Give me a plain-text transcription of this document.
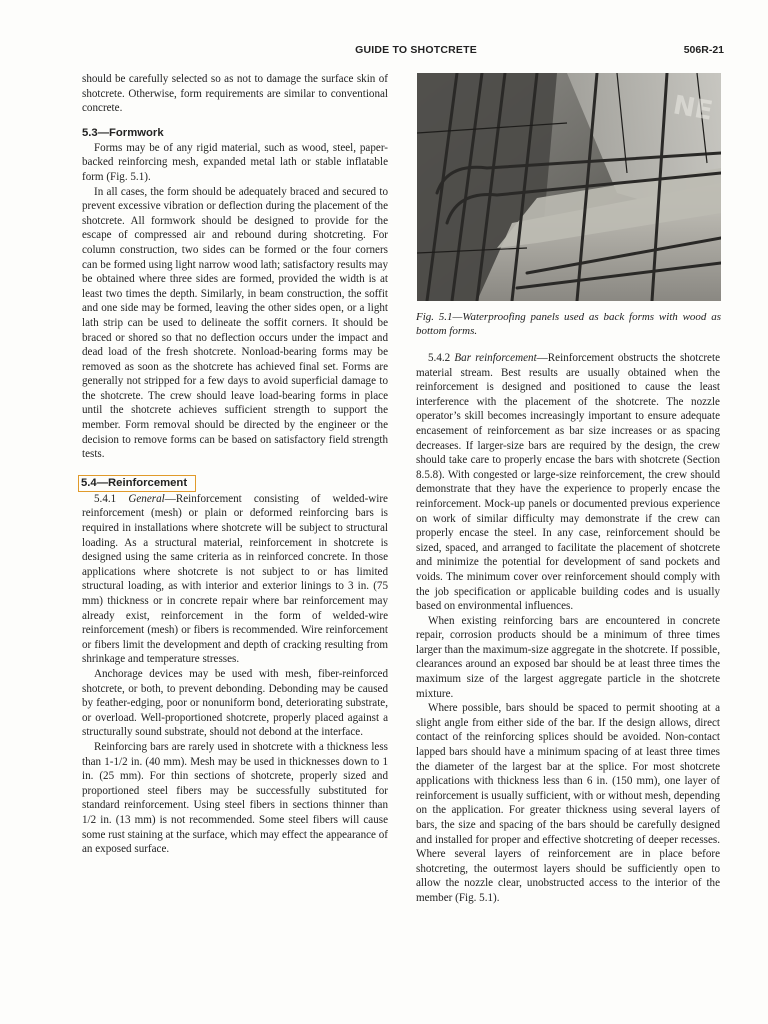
GUIDE TO SHOTCRETE	506R-21

should be carefully selected so as not to damage the surface skin of shotcrete. Otherwise, form requirements are similar to conventional concrete.

5.3—Formwork

Forms may be of any rigid material, such as wood, steel, paper-backed reinforcing mesh, expanded metal lath or stable inflatable form (Fig. 5.1).

In all cases, the form should be adequately braced and secured to prevent excessive vibration or deflection during the placement of the shotcrete. All formwork should be designed to provide for the escape of compressed air and rebound during shotcreting. For column construction, two sides can be formed or the four corners can be formed using light narrow wood lath; satisfactory results may be obtained where three sides are formed, provided the width is at least two times the depth. Similarly, in beam construction, the soffit and one side may be formed, leaving the other sides open, or a light lath strip can be used to delineate the soffit corners. It should be braced or shored so that no deflection occurs under the impact and dead load of the fresh shotcrete. Nonload-bearing forms may be removed as soon as the shotcrete has achieved final set. Forms are generally not stripped for a few days to avoid superficial damage to the shotcrete. The crew should leave load-bearing forms in place until the shotcrete achieves sufficient strength to support the member. Form removal should be directed by the engineer or the decision to remove forms can be based on satisfactory field strength tests.

5.4—Reinforcement

5.4.1 General—Reinforcement consisting of welded-wire reinforcement (mesh) or plain or deformed reinforcing bars is required in installations where shotcrete will be subject to structural loading. As a structural material, reinforcement in shotcrete is designed using the same criteria as in reinforced concrete. In those applications where shotcrete is not subject to or has limited structural loading, as with interior and exterior linings to 3 in. (75 mm) thickness or in concrete repair where bar reinforcement may already exist, reinforcement in the form of welded-wire reinforcement (mesh) or fibers is recommended. Wire reinforcement or fibers limit the development and depth of cracking resulting from shrinkage and temperature stresses.

Anchorage devices may be used with mesh, fiber-reinforced shotcrete, or both, to prevent debonding. Debonding may be caused by feather-edging, poor or nonuniform bond, deteriorating substrate, or overload. Well-proportioned shotcrete, properly placed against a structurally sound substrate, should not debond at the interface.

Reinforcing bars are rarely used in shotcrete with a thickness less than 1-1/2 in. (40 mm). Mesh may be used in thicknesses down to 1 in. (25 mm). For thin sections of shotcrete, properly sized and proportioned steel fibers may be successfully substituted for standard reinforcement. Using steel fibers in sections thinner than 1/2 in. (13 mm) is not recommended. Some steel fibers will cause some rust staining at the surface, which may effect the appearance of an exposed surface.

NE
Fig. 5.1—Waterproofing panels used as back forms with wood as bottom forms.

5.4.2 Bar reinforcement—Reinforcement obstructs the shotcrete material stream. Best results are usually obtained when the reinforcement is designed and positioned to cause the least interference with the placement of the shotcrete. The nozzle operator’s skill becomes increasingly important to ensure adequate encasement of reinforcement as bar size increases or as spacing decreases. If larger-size bars are required by the design, the crew should take care to properly encase the bars with shotcrete (Section 8.5.8). With congested or large-size reinforcement, the crew should demonstrate that they have the experience to properly encase the reinforcement. Mock-up panels or documented previous experience on work of similar difficulty may demonstrate if the crew can properly encase the steel. In any case, reinforcement should be sized, spaced, and arranged to facilitate the placement of shotcrete and minimize the potential for development of sand pockets and voids. The minimum cover over reinforcement should comply with the job specification or applicable building codes and is usually based on environmental influences.

When existing reinforcing bars are encountered in concrete repair, corrosion products should be a minimum of three times larger than the maximum-size aggregate in the shotcrete. If possible, clearances around an exposed bar should be at least three times the maximum size of the largest aggregate particle in the shotcrete mixture.

Where possible, bars should be spaced to permit shooting at a slight angle from either side of the bar. If the design allows, direct contact of the reinforcing splices should be avoided. Non-contact lapped bars should have a minimum spacing of at least three times the diameter of the largest bar at the splice. For most shotcrete applications with thickness less than 6 in. (150 mm), one layer of reinforcement is usually sufficient, with or without mesh, depending on the application. For greater thickness using several layers of bars, the size and spacing of the bars should be carefully designed and installed for proper and effective shotcreting of deeper recesses. Where several layers of reinforcement are in place before shotcreting, the outermost layers should be sufficiently open to allow the nozzle clear, unobstructed access to the interior of the member (Fig. 5.1).
